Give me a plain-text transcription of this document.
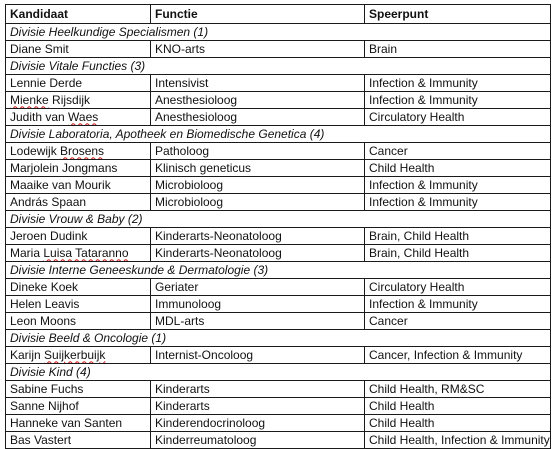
Kandidaat	Functie	Speerpunt
Divisie Heelkundige Specialismen (1)		
Diane Smit	KNO-arts	Brain
Divisie Vitale Functies (3)		
Lennie Derde	Intensivist	Infection & Immunity
Mienke Rijsdijk	Anesthesioloog	Infection & Immunity
Judith van Waes	Anesthesioloog	Circulatory Health
Divisie Laboratoria, Apotheek en Biomedische Genetica (4)		
Lodewijk Brosens	Patholoog	Cancer
Marjolein Jongmans	Klinisch geneticus	Child Health
Maaike van Mourik	Microbioloog	Infection & Immunity
András Spaan	Microbioloog	Infection & Immunity
Divisie Vrouw & Baby (2)		
Jeroen Dudink	Kinderarts-Neonatoloog	Brain, Child Health
Maria Luisa Tataranno	Kinderarts-Neonatoloog	Brain, Child Health
Divisie Interne Geneeskunde & Dermatologie (3)		
Dineke Koek	Geriater	Circulatory Health
Helen Leavis	Immunoloog	Infection & Immunity
Leon Moons	MDL-arts	Cancer
Divisie Beeld & Oncologie (1)		
Karijn Suijkerbuijk	Internist-Oncoloog	Cancer, Infection & Immunity
Divisie Kind (4)		
Sabine Fuchs	Kinderarts	Child Health, RM&SC
Sanne Nijhof	Kinderarts	Child Health
Hanneke van Santen	Kinderendocrinoloog	Child Health
Bas Vastert	Kinderreumatoloog	Child Health, Infection & Immunity
